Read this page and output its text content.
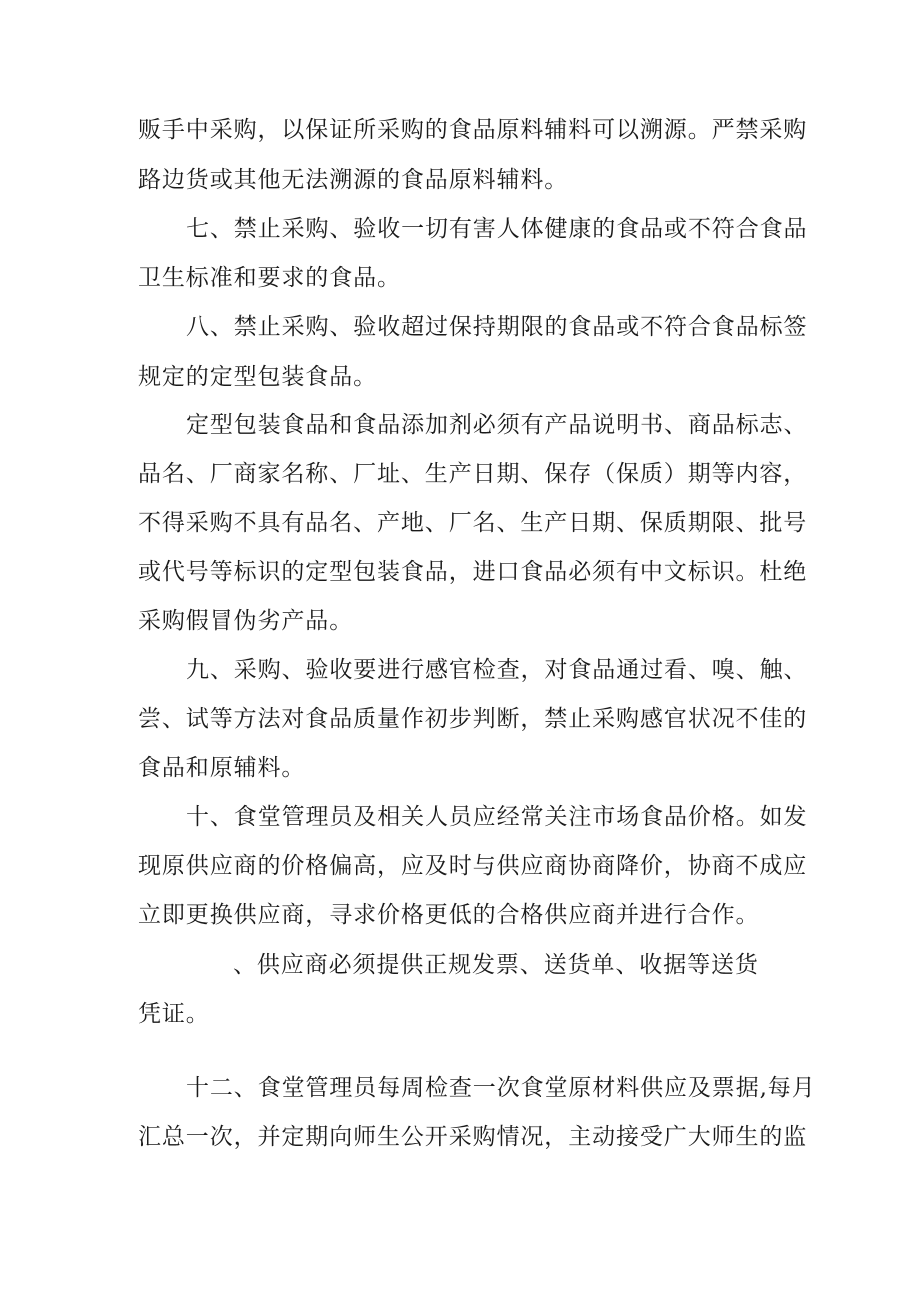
贩手中采购，以保证所采购的食品原料辅料可以溯源。严禁采购
路边货或其他无法溯源的食品原料辅料。
七、禁止采购、验收一切有害人体健康的食品或不符合食品
卫生标准和要求的食品。
八、禁止采购、验收超过保持期限的食品或不符合食品标签
规定的定型包装食品。
定型包装食品和食品添加剂必须有产品说明书、商品标志、
品名、厂商家名称、厂址、生产日期、保存（保质）期等内容，
不得采购不具有品名、产地、厂名、生产日期、保质期限、批号
或代号等标识的定型包装食品，进口食品必须有中文标识。杜绝
采购假冒伪劣产品。
九、采购、验收要进行感官检查，对食品通过看、嗅、触、
尝、试等方法对食品质量作初步判断，禁止采购感官状况不佳的
食品和原辅料。
十、食堂管理员及相关人员应经常关注市场食品价格。如发
现原供应商的价格偏高，应及时与供应商协商降价，协商不成应
立即更换供应商，寻求价格更低的合格供应商并进行合作。
、供应商必须提供正规发票、送货单、收据等送货
凭证。
十二、食堂管理员每周检查一次食堂原材料供应及票据,每月
汇总一次，并定期向师生公开采购情况，主动接受广大师生的监
